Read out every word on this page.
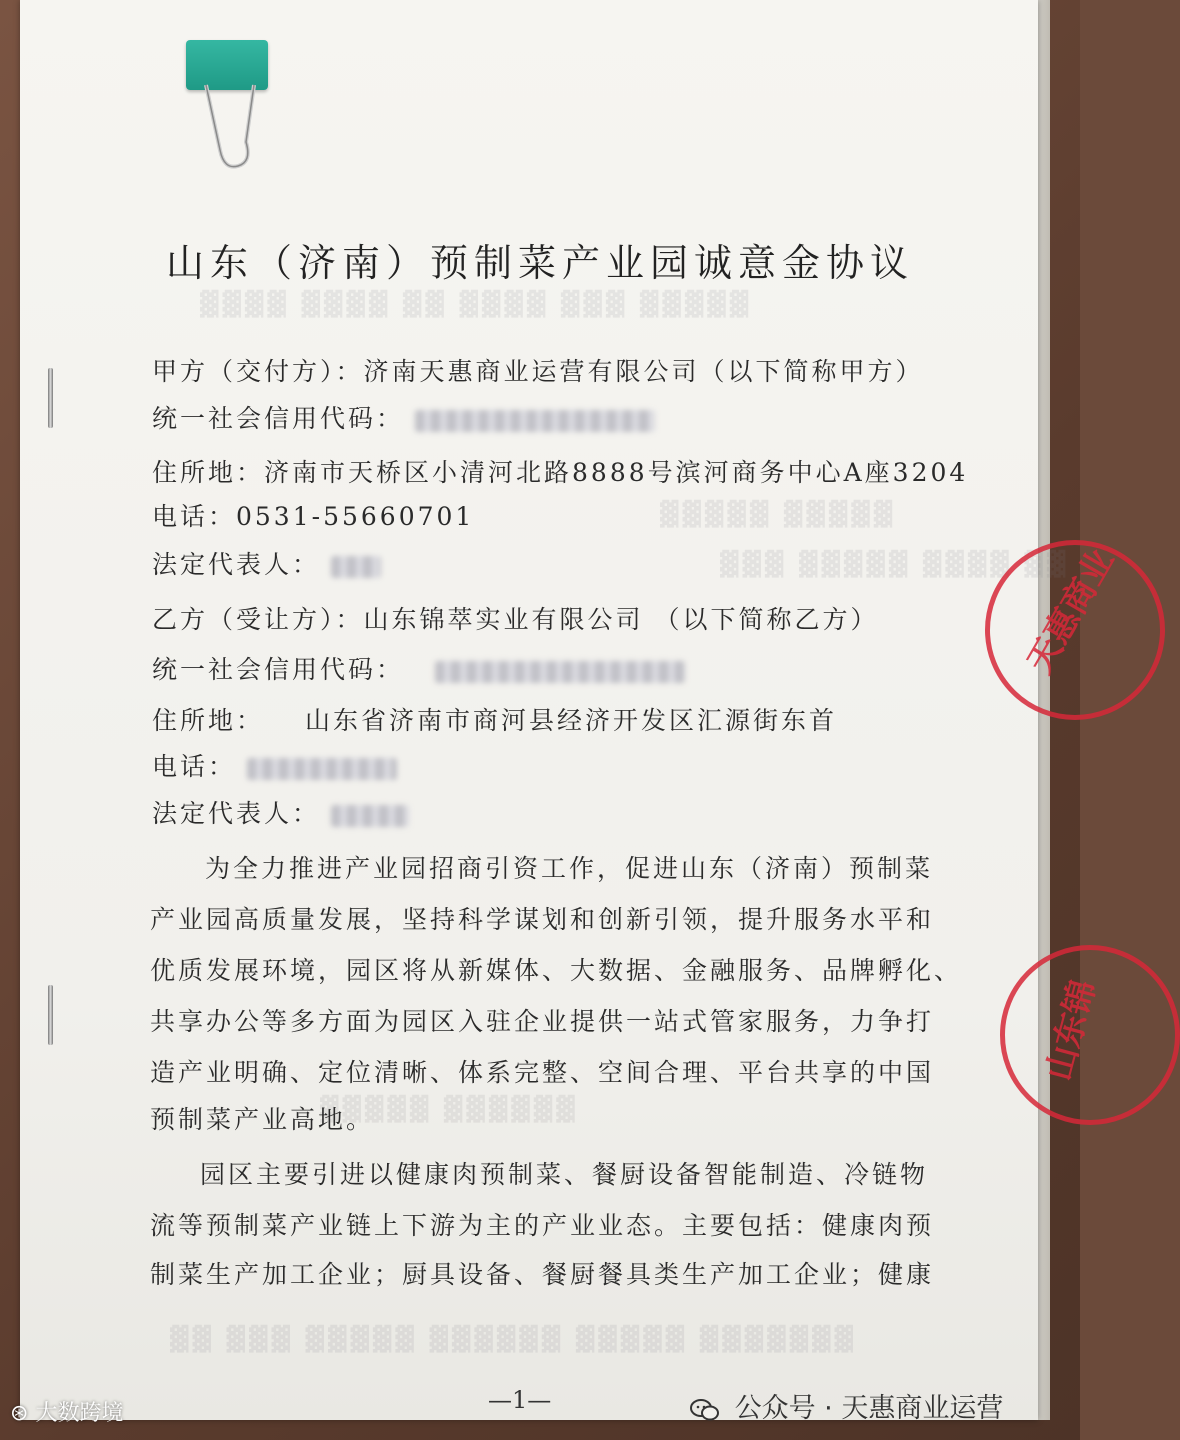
▓▓▓▓ ▓▓▓▓ ▓▓ ▓▓▓▓ ▓▓▓ ▓▓▓▓▓
▓▓▓▓▓ ▓▓▓▓▓
▓▓▓ ▓▓▓▓▓ ▓▓▓▓ ▓▓
▓▓▓▓▓ ▓▓▓▓▓▓
▓▓ ▓▓▓ ▓▓▓▓▓ ▓▓▓▓▓▓ ▓▓▓▓▓ ▓▓▓▓▓▓▓
天惠商业
山东锦
山东（济南）预制菜产业园诚意金协议
甲方（交付方）：济南天惠商业运营有限公司（以下简称甲方）
统一社会信用代码：
住所地：济南市天桥区小清河北路8888号滨河商务中心A座3204
电话：0531-55660701
法定代表人：
乙方（受让方）：山东锦萃实业有限公司 （以下简称乙方）
统一社会信用代码：
住所地： 山东省济南市商河县经济开发区汇源街东首
电话：
法定代表人：
为全力推进产业园招商引资工作，促进山东（济南）预制菜
产业园高质量发展，坚持科学谋划和创新引领，提升服务水平和
优质发展环境，园区将从新媒体、大数据、金融服务、品牌孵化、
共享办公等多方面为园区入驻企业提供一站式管家服务，力争打
造产业明确、定位清晰、体系完整、空间合理、平台共享的中国
预制菜产业高地。
园区主要引进以健康肉预制菜、餐厨设备智能制造、冷链物
流等预制菜产业链上下游为主的产业业态。主要包括：健康肉预
制菜生产加工企业；厨具设备、餐厨餐具类生产加工企业；健康
—1—	公众号 · 天惠商业运营
⊛ 大数跨境
